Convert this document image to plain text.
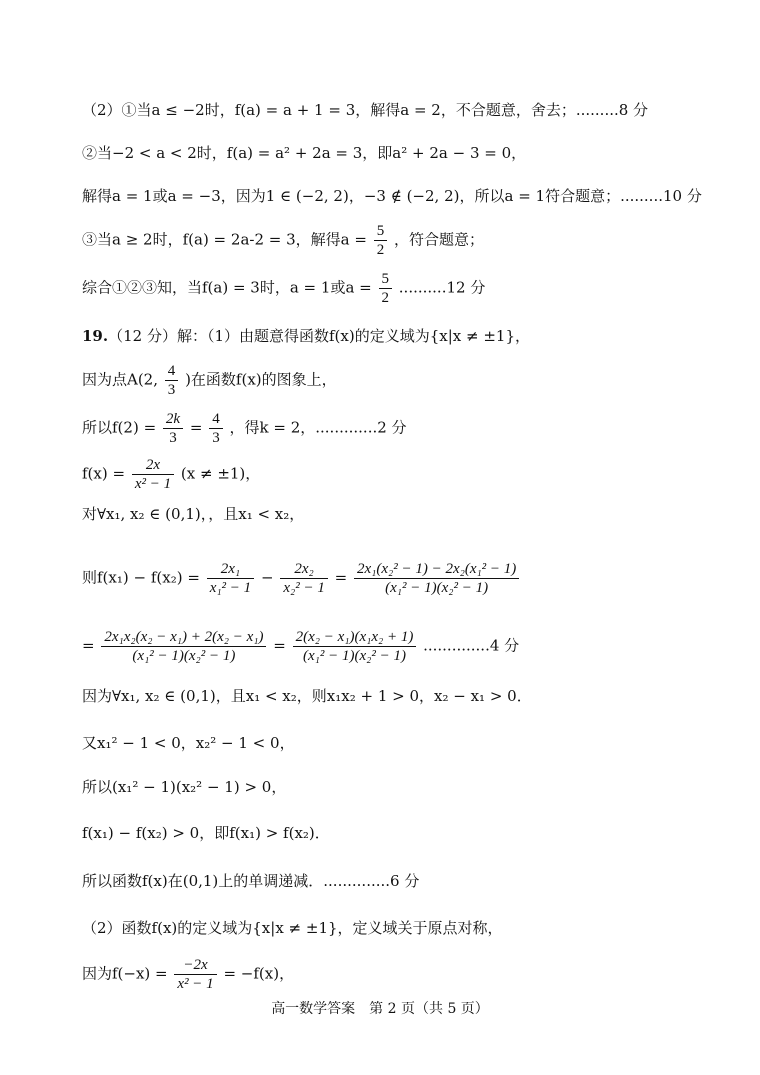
（2）①当a ≤ −2时，f(a) = a + 1 = 3，解得a = 2，不合题意，舍去；.........8 分
②当−2 < a < 2时，f(a) = a² + 2a = 3，即a² + 2a − 3 = 0，
解得a = 1或a = −3，因为1 ∈ (−2, 2)，−3 ∉ (−2, 2)，所以a = 1符合题意；.........10 分
③当a ≥ 2时，f(a) = 2a-2 = 3，解得$a = \frac{5}{2}$ ，符合题意；
综合①②③知，当f(a) = 3时，a = 1或$a = \frac{5}{2} ..........12$ 分
19.（12 分）解：（1）由题意得函数f(x)的定义域为{x|x ≠ ±1}，
因为点A(2, $\frac{4}{3}$ )在函数f(x)的图象上，
所以$f(2) = \frac{2k}{3} = \frac{4}{3}$ ，得k = 2，.............2 分
$f(x) = \frac{2x}{\text{x² − 1}} (x \ne \pm 1)$，
对∀x₁, x₂ ∈ (0,1)，，且x₁ < x₂，
则$f(x_1) - f(x_2) = \frac{\text{2x₁}}{\text{x₁² − 1}} - \frac{\text{2x₂}}{\text{x₂² − 1}} = \frac{\text{2x₁(x₂² − 1) − 2x₂(x₁² − 1)}}{\text{(x₁² − 1)(x₂² − 1)}}$
= $\frac{\text{2x₁x₂(x₂ − x₁) + 2(x₂ − x₁)}}{\text{(x₁² − 1)(x₂² − 1)}} = \frac{\text{2(x₂ − x₁)(x₁x₂ + 1)}}{\text{(x₁² − 1)(x₂² − 1)}} ..............4$ 分
因为∀x₁, x₂ ∈ (0,1)，且x₁ < x₂，则x₁x₂ + 1 > 0，x₂ − x₁ > 0．
又x₁² − 1 < 0，x₂² − 1 < 0，
所以(x₁² − 1)(x₂² − 1) > 0，
f(x₁) − f(x₂) > 0，即f(x₁) > f(x₂)．
所以函数f(x)在(0,1)上的单调递减．..............6 分
（2）函数f(x)的定义域为{x|x ≠ ±1}，定义域关于原点对称，
因为$f(-x) = \frac{-2x}{\text{x² − 1}} = -f(x)$，
高一数学答案　第 2 页（共 5 页）
